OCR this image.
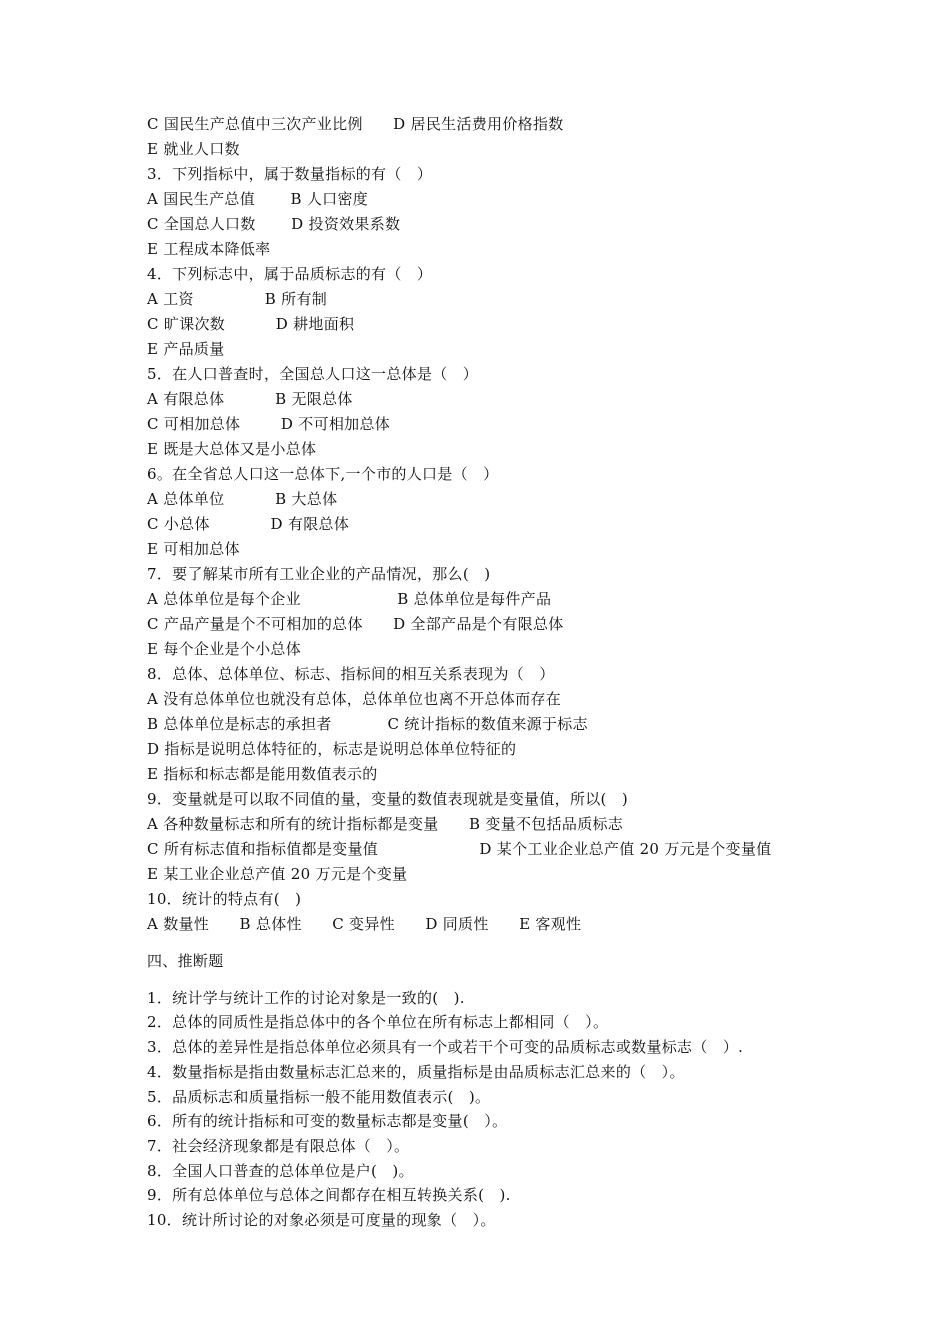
C 国民生产总值中三次产业比例      D 居民生活费用价格指数
E 就业人口数
3．下列指标中，属于数量指标的有（   ）
A 国民生产总值       B 人口密度
C 全国总人口数       D 投资效果系数
E 工程成本降低率
4．下列标志中，属于品质标志的有（   ）
A 工资              B 所有制
C 旷课次数          D 耕地面积
E 产品质量
5．在人口普查时，全国总人口这一总体是（   ）
A 有限总体          B 无限总体
C 可相加总体        D 不可相加总体
E 既是大总体又是小总体
6。在全省总人口这一总体下,一个市的人口是（   ）
A 总体单位          B 大总体
C 小总体            D 有限总体
E 可相加总体
7．要了解某市所有工业企业的产品情况，那么(   )
A 总体单位是每个企业                   B 总体单位是每件产品
C 产品产量是个不可相加的总体      D 全部产品是个有限总体
E 每个企业是个小总体
8．总体、总体单位、标志、指标间的相互关系表现为（   ）
A 没有总体单位也就没有总体，总体单位也离不开总体而存在
B 总体单位是标志的承担者           C 统计指标的数值来源于标志
D 指标是说明总体特征的，标志是说明总体单位特征的
E 指标和标志都是能用数值表示的
9．变量就是可以取不同值的量，变量的数值表现就是变量值，所以(   )
A 各种数量标志和所有的统计指标都是变量      B 变量不包括品质标志
C 所有标志值和指标值都是变量值                    D 某个工业企业总产值 20 万元是个变量值
E 某工业企业总产值 20 万元是个变量
10．统计的特点有(   )
A 数量性      B 总体性      C 变异性      D 同质性      E 客观性
四、推断题
1．统计学与统计工作的讨论对象是一致的(   ).
2．总体的同质性是指总体中的各个单位在所有标志上都相同（   ）。
3．总体的差异性是指总体单位必须具有一个或若干个可变的品质标志或数量标志（   ）.
4．数量指标是指由数量标志汇总来的，质量指标是由品质标志汇总来的（   ）。
5．品质标志和质量指标一般不能用数值表示(   )。
6．所有的统计指标和可变的数量标志都是变量(   ）。
7．社会经济现象都是有限总体（   ）。
8．全国人口普查的总体单位是户(   )。
9．所有总体单位与总体之间都存在相互转换关系(   ).
10．统计所讨论的对象必须是可度量的现象（   ）。
